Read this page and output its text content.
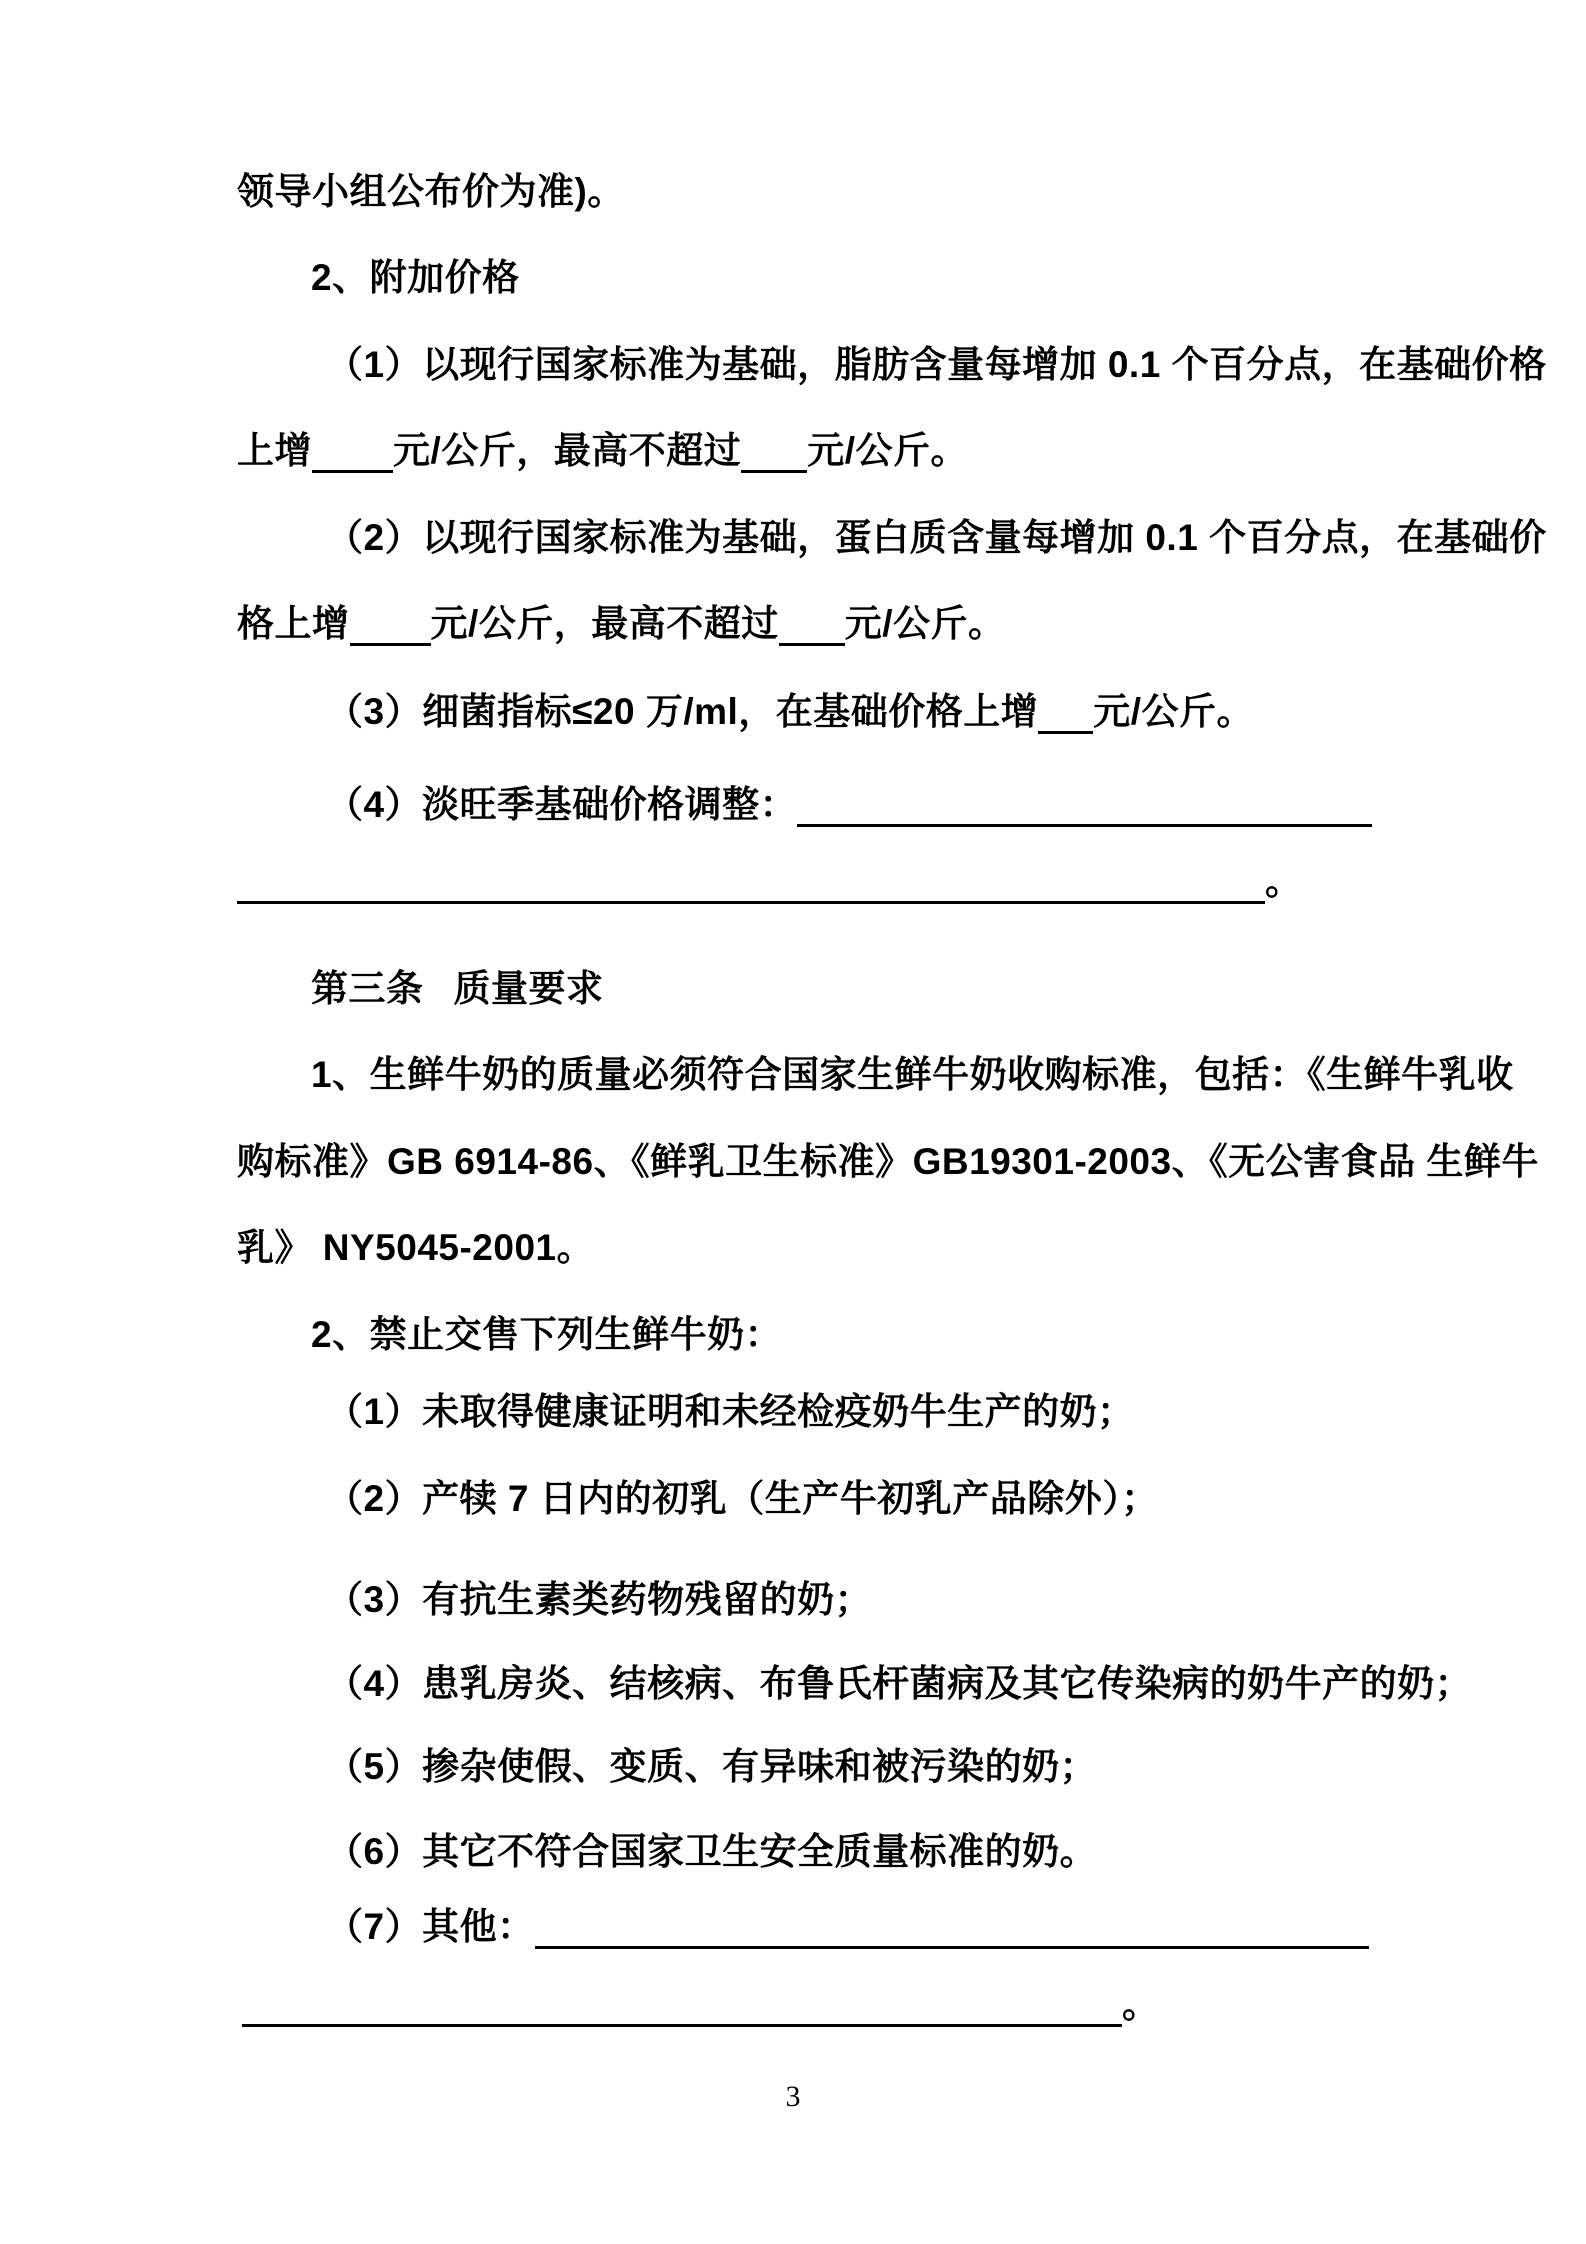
领导小组公布价为准)。
2、附加价格
（1）以现行国家标准为基础，脂肪含量每增加 0.1 个百分点，在基础价格
上增 元/公斤，最高不超过 元/公斤。
（2）以现行国家标准为基础，蛋白质含量每增加 0.1 个百分点，在基础价
格上增 元/公斤，最高不超过 元/公斤。
（3）细菌指标≤20 万/ml，在基础价格上增 元/公斤。
（4）淡旺季基础价格调整：
。
第三条 质量要求
1、生鲜牛奶的质量必须符合国家生鲜牛奶收购标准，包括：《生鲜牛乳收
购标准》GB 6914-86、《鲜乳卫生标准》GB19301-2003、《无公害食品 生鲜牛
乳》 NY5045-2001。
2、禁止交售下列生鲜牛奶：
（1）未取得健康证明和未经检疫奶牛生产的奶；
（2）产犊 7 日内的初乳（生产牛初乳产品除外）；
（3）有抗生素类药物残留的奶；
（4）患乳房炎、结核病、布鲁氏杆菌病及其它传染病的奶牛产的奶；
（5）掺杂使假、变质、有异味和被污染的奶；
（6）其它不符合国家卫生安全质量标准的奶。
（7）其他：
。
3
